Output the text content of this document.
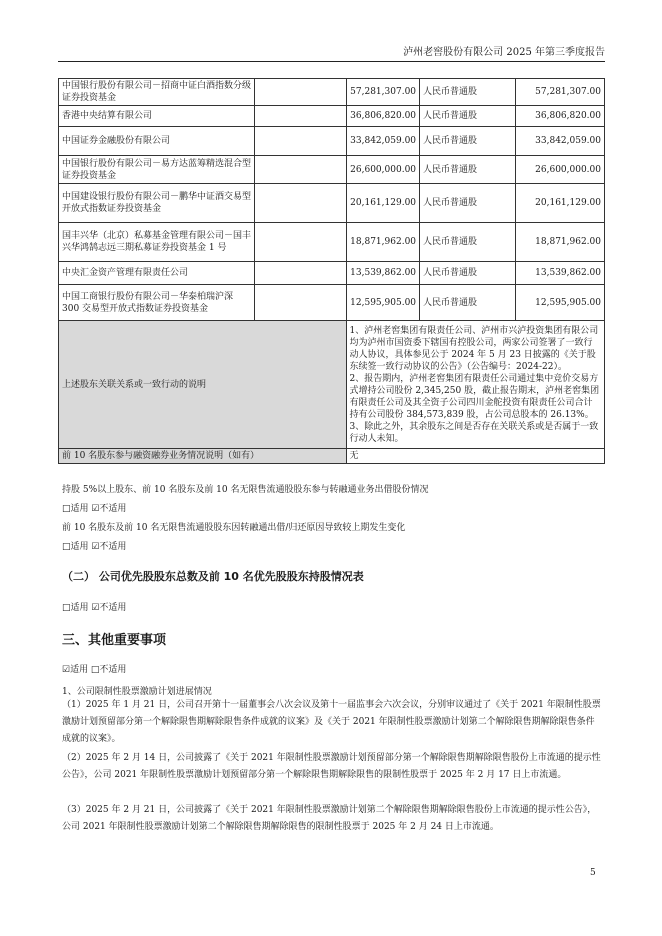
泸州老窖股份有限公司 2025 年第三季度报告
中国银行股份有限公司－招商中证白酒指数分级证券投资基金		57,281,307.00	人民币普通股	57,281,307.00
香港中央结算有限公司		36,806,820.00	人民币普通股	36,806,820.00
中国证券金融股份有限公司		33,842,059.00	人民币普通股	33,842,059.00
中国银行股份有限公司－易方达蓝筹精选混合型证券投资基金		26,600,000.00	人民币普通股	26,600,000.00
中国建设银行股份有限公司－鹏华中证酒交易型开放式指数证券投资基金		20,161,129.00	人民币普通股	20,161,129.00
国丰兴华（北京）私募基金管理有限公司－国丰兴华鸿鹄志远三期私募证券投资基金 1 号		18,871,962.00	人民币普通股	18,871,962.00
中央汇金资产管理有限责任公司		13,539,862.00	人民币普通股	13,539,862.00
中国工商银行股份有限公司－华泰柏瑞沪深 300 交易型开放式指数证券投资基金		12,595,905.00	人民币普通股	12,595,905.00
上述股东关联关系或一致行动的说明		1、泸州老窖集团有限责任公司、泸州市兴泸投资集团有限公司均为泸州市国资委下辖国有控股公司，两家公司签署了一致行动人协议，具体参见公于 2024 年 5 月 23 日披露的《关于股东续签一致行动协议的公告》（公告编号：2024-22）。
2、报告期内，泸州老窖集团有限责任公司通过集中竞价交易方式增持公司股份 2,345,250 股，截止报告期末，泸州老窖集团有限责任公司及其全资子公司四川金舵投资有限责任公司合计持有公司股份 384,573,839 股，占公司总股本的 26.13%。
3、除此之外，其余股东之间是否存在关联关系或是否属于一致行动人未知。		

前 10 名股东参与融资融券业务情况说明（如有）		无		
持股 5%以上股东、前 10 名股东及前 10 名无限售流通股股东参与转融通业务出借股份情况
□适用 ☑不适用
前 10 名股东及前 10 名无限售流通股股东因转融通出借/归还原因导致较上期发生变化
□适用 ☑不适用
（二） 公司优先股股东总数及前 10 名优先股股东持股情况表
□适用 ☑不适用
三、其他重要事项
☑适用 □不适用
1、公司限制性股票激励计划进展情况
（1）2025 年 1 月 21 日，公司召开第十一届董事会八次会议及第十一届监事会六次会议，分别审议通过了《关于 2021 年限制性股票激励计划预留部分第一个解除限售期解除限售条件成就的议案》及《关于 2021 年限制性股票激励计划第二个解除限售期解除限售条件成就的议案》。
（2）2025 年 2 月 14 日，公司披露了《关于 2021 年限制性股票激励计划预留部分第一个解除限售期解除限售股份上市流通的提示性公告》，公司 2021 年限制性股票激励计划预留部分第一个解除限售期解除限售的限制性股票于 2025 年 2 月 17 日上市流通。
（3）2025 年 2 月 21 日，公司披露了《关于 2021 年限制性股票激励计划第二个解除限售期解除限售股份上市流通的提示性公告》，公司 2021 年限制性股票激励计划第二个解除限售期解除限售的限制性股票于 2025 年 2 月 24 日上市流通。
5
